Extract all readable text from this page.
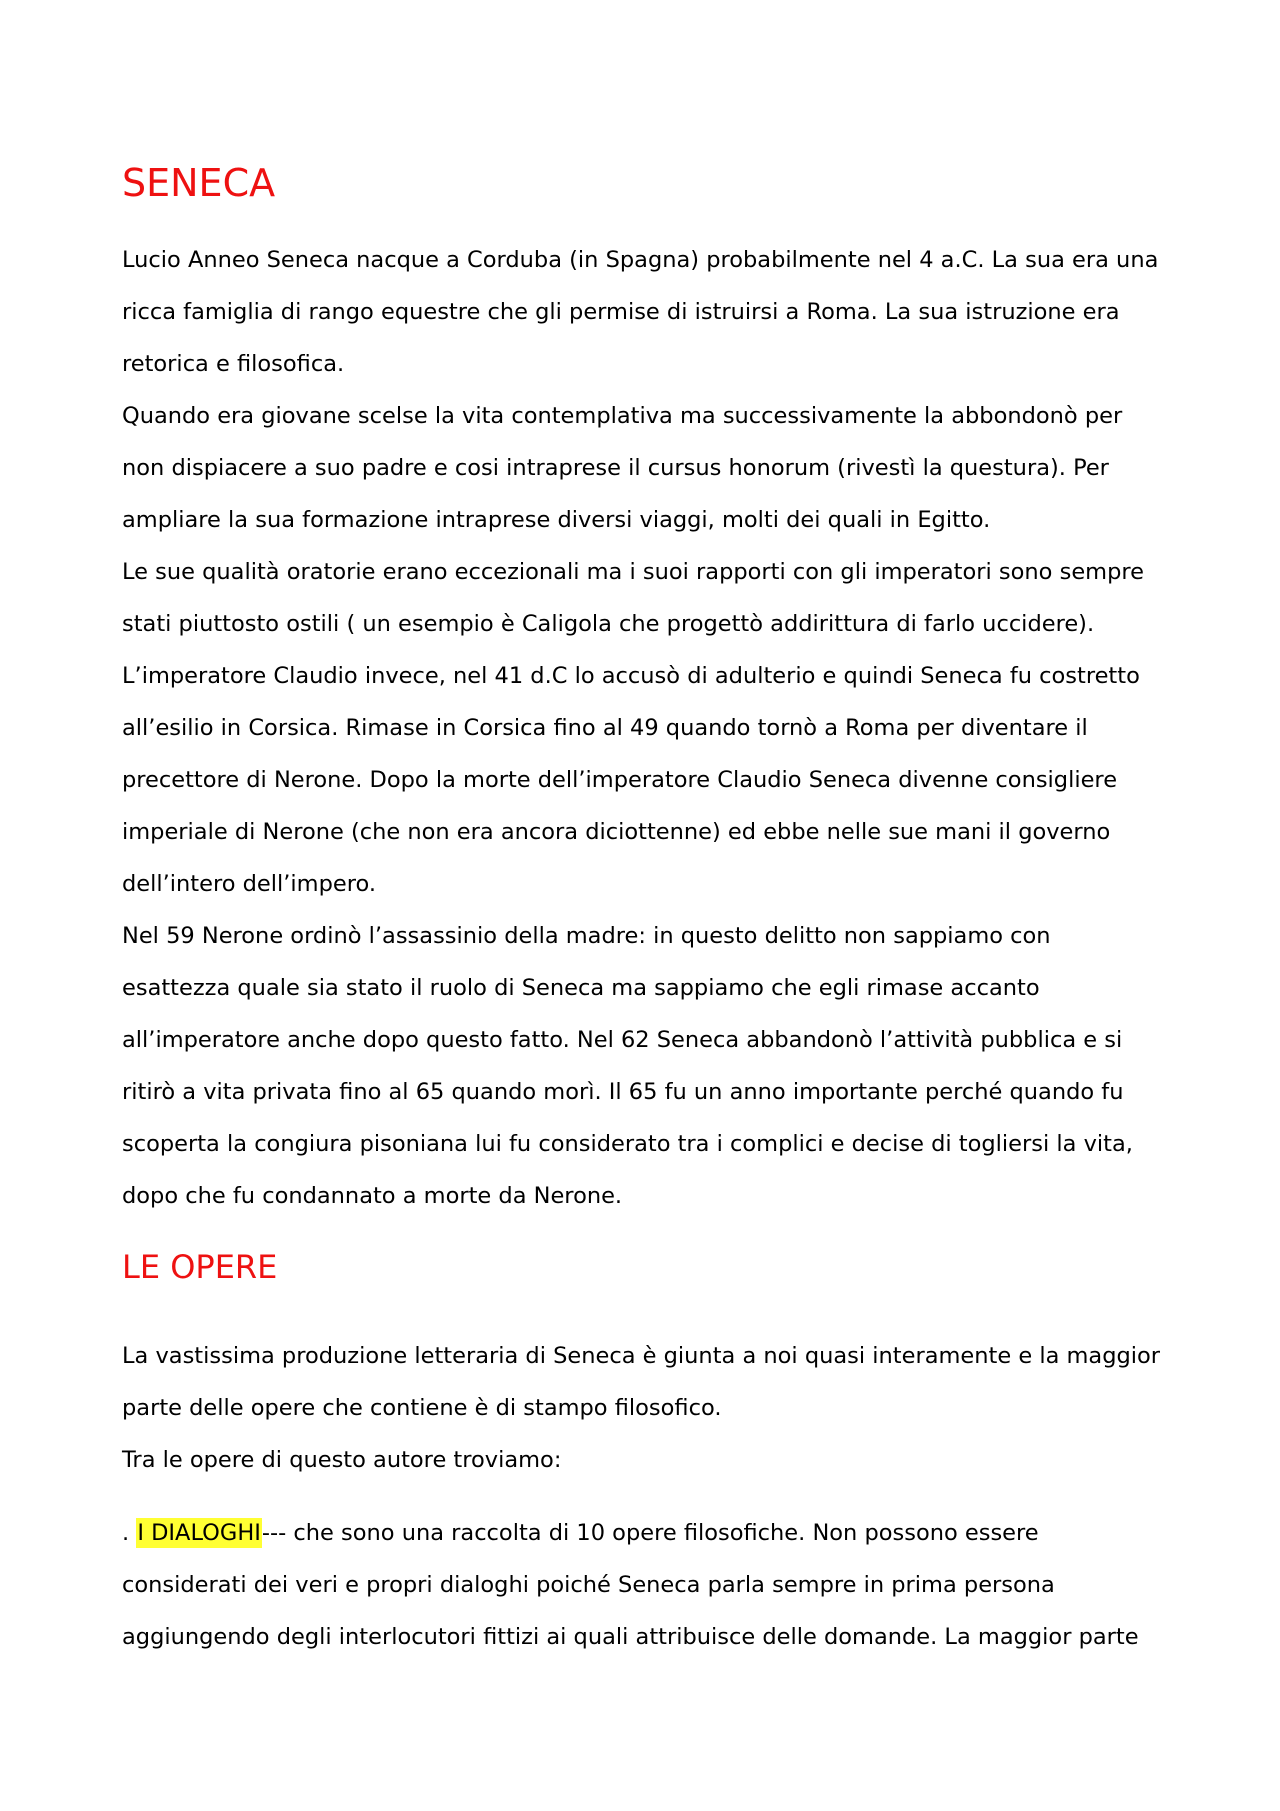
SENECA
Lucio Anneo Seneca nacque a Corduba (in Spagna) probabilmente nel 4 a.C. La sua era una
ricca famiglia di rango equestre che gli permise di istruirsi a Roma. La sua istruzione era
retorica e filosofica.
Quando era giovane scelse la vita contemplativa ma successivamente la abbondonò per
non dispiacere a suo padre e cosi intraprese il cursus honorum (rivestì la questura). Per
ampliare la sua formazione intraprese diversi viaggi, molti dei quali in Egitto.
Le sue qualità oratorie erano eccezionali ma i suoi rapporti con gli imperatori sono sempre
stati piuttosto ostili ( un esempio è Caligola che progettò addirittura di farlo uccidere).
L’imperatore Claudio invece, nel 41 d.C lo accusò di adulterio e quindi Seneca fu costretto
all’esilio in Corsica. Rimase in Corsica fino al 49 quando tornò a Roma per diventare il
precettore di Nerone. Dopo la morte dell’imperatore Claudio Seneca divenne consigliere
imperiale di Nerone (che non era ancora diciottenne) ed ebbe nelle sue mani il governo
dell’intero dell’impero.
Nel 59 Nerone ordinò l’assassinio della madre: in questo delitto non sappiamo con
esattezza quale sia stato il ruolo di Seneca ma sappiamo che egli rimase accanto
all’imperatore anche dopo questo fatto. Nel 62 Seneca abbandonò l’attività pubblica e si
ritirò a vita privata fino al 65 quando morì. Il 65 fu un anno importante perché quando fu
scoperta la congiura pisoniana lui fu considerato tra i complici e decise di togliersi la vita,
dopo che fu condannato a morte da Nerone.
LE OPERE
La vastissima produzione letteraria di Seneca è giunta a noi quasi interamente e la maggior
parte delle opere che contiene è di stampo filosofico.
Tra le opere di questo autore troviamo:
. I DIALOGHI--- che sono una raccolta di 10 opere filosofiche. Non possono essere
considerati dei veri e propri dialoghi poiché Seneca parla sempre in prima persona
aggiungendo degli interlocutori fittizi ai quali attribuisce delle domande. La maggior parte
